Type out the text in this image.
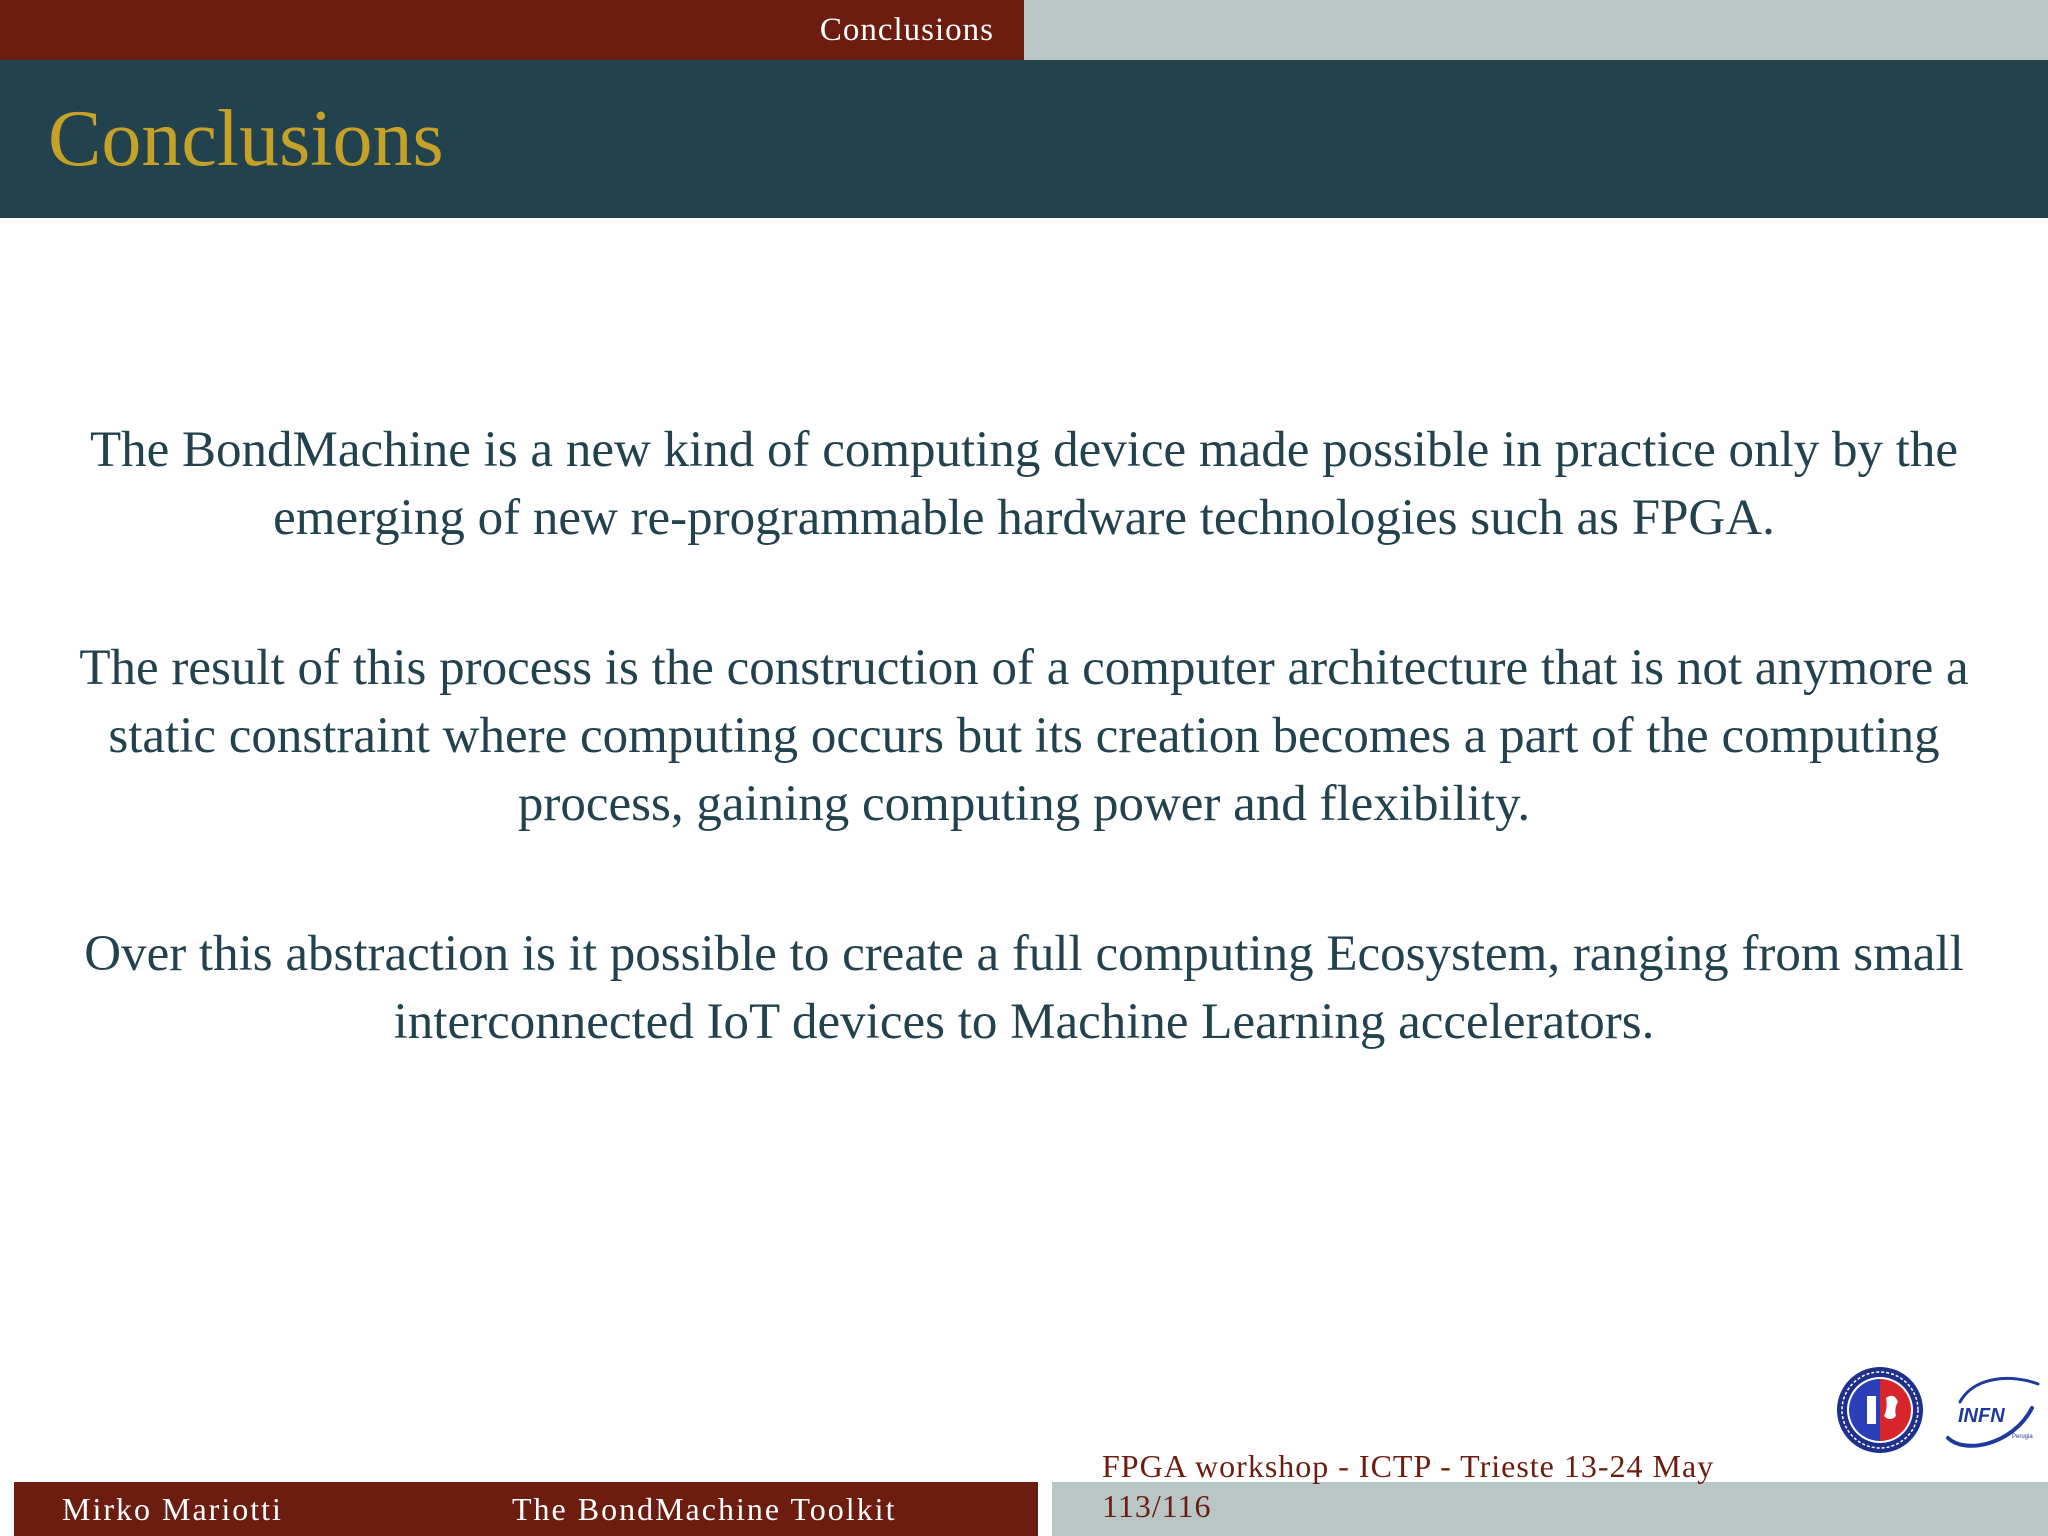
Conclusions
Conclusions

The BondMachine is a new kind of computing device made possible in practice only by the emerging of new re-programmable hardware technologies such as FPGA.

The result of this process is the construction of a computer architecture that is not anymore a static constraint where computing occurs but its creation becomes a part of the computing process, gaining computing power and flexibility.

Over this abstraction is it possible to create a full computing Ecosystem, ranging from small interconnected IoT devices to Machine Learning accelerators.

INFN
Perugia
Mirko Mariotti	The BondMachine Toolkit
FPGA workshop - ICTP - Trieste 13-24 May
113/116
